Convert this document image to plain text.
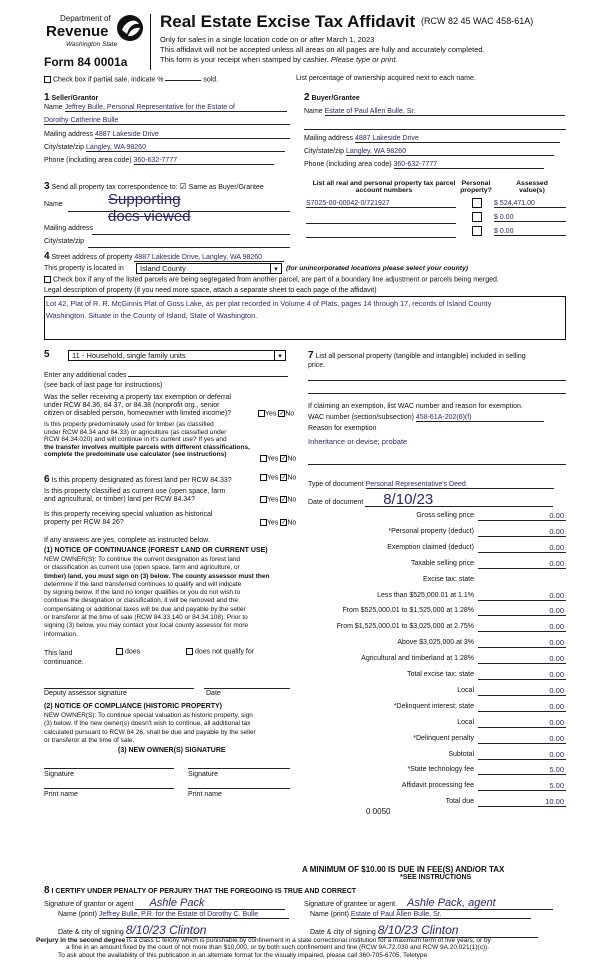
Department of
Revenue
Washington State
Form 84 0001a
Real Estate Excise Tax Affidavit (RCW 82 45 WAC 458-61A)
Only for sales in a single location code on or after March 1, 2023
This affidavit will not be accepted unless all areas on all pages are fully and accurately completed.
This form is your receipt when stamped by cashier. Please type or print.
Check box if partial sale, indicate %	sold.	List percentage of ownership acquired next to each name.
1 Seller/Grantor
Name Jeffrey Bulle, Personal Representative for the Estate of
Dorothy Catherine Bulle
Mailing address 4887 Lakeside Drive
City/state/zip Langley, WA 98260
Phone (including area code) 360-632-7777
2 Buyer/Grantee
Name Estate of Paul Allen Bulle, Sr.
Mailing address 4887 Lakeside Drive
City/state/zip Langley, WA 98260
Phone (including area code) 360-632-7777
3 Send all property tax correspondence to: ☑ Same as Buyer/Grantee
Name	Supporting
docs viewed
Mailing address
City/state/zip
List all real and personal property tax parcel account numbers
Personal property?
Assessed value(s)
S7025-00-00042-0/721927	$ 524,471.00
$ 0.00
$ 0.00
4 Street address of property 4887 Lakeside Drive, Langley, WA 98260
This property is located in	Island County	▾	(for unincorporated locations please select your county)
Check box if any of the listed parcels are being segregated from another parcel, are part of a boundary line adjustment or parcels being merged.
Legal description of property (if you need more space, attach a separate sheet to each page of the affidavit)
Lot 42, Plat of R. R. McGinnis Plat of Goss Lake, as per plat recorded in Volume 4 of Plats, pages 14 through 17, records of Island County
Washington. Situate in the County of Island, State of Washington.
5	11 - Household, single family units	▾
Enter any additional codes
(see back of last page for instructions)
Was the seller receiving a property tax exemption or deferral
under RCW 84.36, 84 37, or 84.38 (nonprofit org., senior
citizen or disabled person, homeowner with limited income)?	Yes ✓No
Is this property predominately used for timber (as classified
under RCW 84.34 and 84.33) or agriculture (as classified under
RCW 84.34.020) and will continue in it's current use? If yes and
the transfer involves multiple parcels with different classifications,
complete the predominate use calculator (see instructions)
Yes ✓No
6 Is this property designated as forest land per RCW 84.33?	Yes ✓No
Is this property classified as current use (open space, farm
and agricultural, or timber) land per RCW 84.34?	Yes ✓No
Is this property receiving special valuation as historical
property per RCW 84 26?	Yes ✓No
If any answers are yes, complete as instructed below.
(1) NOTICE OF CONTINUANCE (FOREST LAND OR CURRENT USE)
NEW OWNER(S): To continue the current designation as forest land
or classification as current use (open space, farm and agriculture, or
timber) land, you must sign on (3) below. The county assessor must then
determine if the land transferred continues to qualify and will indicate
by signing below. If the land no longer qualifies or you do not wish to
continue the designation or classification, it will be removed and the
compensating or additional taxes will be due and payable by the seller
or transferor at the time of sale (RCW 84.33.140 or 84.34.108). Prior to
signing (3) below, you may contact your local county assessor for more
information.
This land
continuance.
does	does not qualify for
Deputy assessor signature	Date
(2) NOTICE OF COMPLIANCE (HISTORIC PROPERTY)
NEW OWNER(S): To continue special valuation as historic property, sign
(3) below. If the new owner(s) doesn't wish to continue, all additional tax
calculated pursuant to RCW 84 26, shall be due and payable by the seller
or transferor at the time of sale.
(3) NEW OWNER(S) SIGNATURE
Signature	Signature
Print name	Print name
7 List all personal property (tangible and intangible) included in selling
price.
If claiming an exemption, list WAC number and reason for exemption.
WAC number (section/subsection) 458-61A-202(6)(f)
Reason for exemption
Inheritance or devise; probate
Type of document Personal Representative's Deed
Date of document 8/10/23
Gross selling price	0.00
*Personal property (deduct)	0.00
Exemption claimed (deduct)	0.00
Taxable selling price	0.00
Excise tax: state
Less than $525,000.01 at 1.1%	0.00
From $525,000.01 to $1,525,000 at 1.28%	0.00
From $1,525,000.01 to $3,025,000 at 2.75%	0.00
Above $3,025,000 at 3%	0.00
Agricultural and timberland at 1.28%	0.00
Total excise tax: state	0.00
Local	0.00
*Delinquent interest: state	0.00
Local	0.00
*Delinquent penalty	0.00
Subtotal	0.00
*State technology fee	5.00
Affidavit processing fee	5.00
Total due	10.00
0 0050
A MINIMUM OF $10.00 IS DUE IN FEE(S) AND/OR TAX
*SEE INSTRUCTIONS
8 I CERTIFY UNDER PENALTY OF PERJURY THAT THE FOREGOING IS TRUE AND CORRECT
Signature of grantor or agent Ashle Pack
Name (print) Jeffrey Bulle, P.R. for the Estate of Dorothy C. Bulle
Date & city of signing 8/10/23 Clinton
Signature of grantee or agent Ashle Pack, agent
Name (print) Estate of Paul Allen Bulle, Sr.
Date & city of signing 8/10/23 Clinton
Perjury in the second degree is a class C felony which is punishable by confinement in a state correctional institution for a maximum term of five years, or by
a fine in an amount fixed by the court of not more than $10,000, or by both such confinement and fine (RCW 9A.72.030 and RCW 9A.20.021(1)(c)).
To ask about the availability of this publication in an alternate format for the visually impaired, please call 360-705-6705. Teletype
